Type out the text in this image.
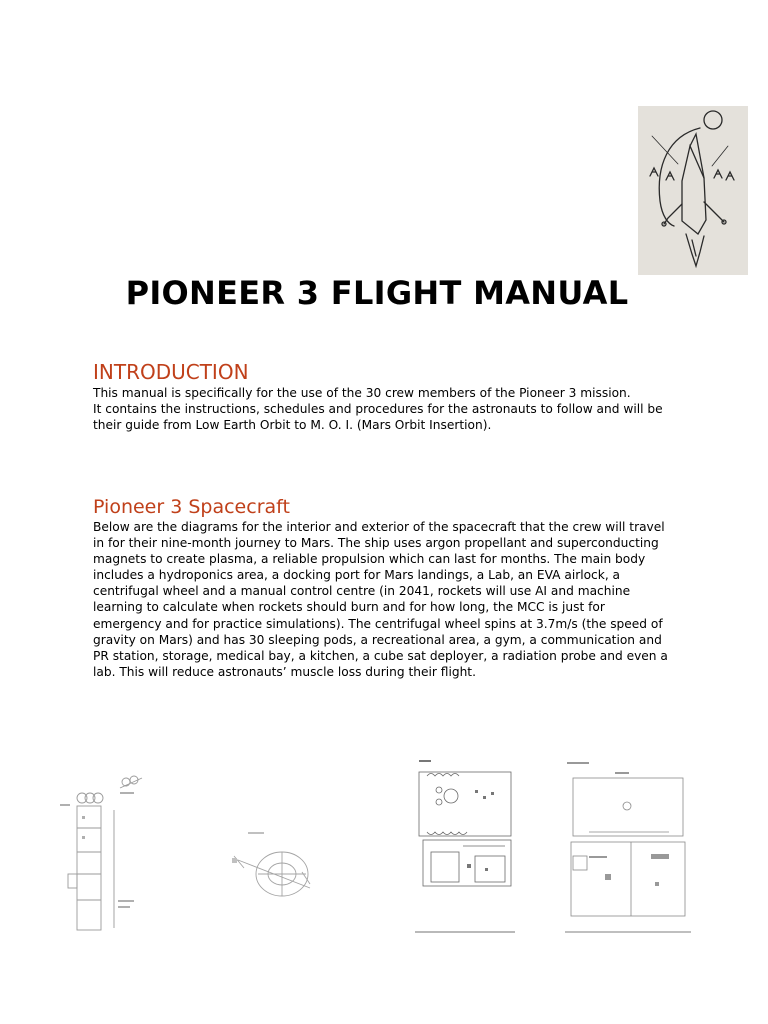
PIONEER 3 FLIGHT MANUAL
INTRODUCTION

This manual is specifically for the use of the 30 crew members of the Pioneer 3 mission.
It contains the instructions, schedules and procedures for the astronauts to follow and will be their guide from Low Earth Orbit to M. O. I. (Mars Orbit Insertion).

Pioneer 3 Spacecraft

Below are the diagrams for the interior and exterior of the spacecraft that the crew will travel in for their nine-month journey to Mars. The ship uses argon propellant and superconducting magnets to create plasma, a reliable propulsion which can last for months. The main body includes a hydroponics area, a docking port for Mars landings, a Lab, an EVA airlock, a centrifugal wheel and a manual control centre (in 2041, rockets will use AI and machine learning to calculate when rockets should burn and for how long, the MCC is just for emergency and for practice simulations). The centrifugal wheel spins at 3.7m/s (the speed of gravity on Mars) and has 30 sleeping pods, a recreational area, a gym, a communication and PR station, storage, medical bay, a kitchen, a cube sat deployer, a radiation probe and even a lab. This will reduce astronauts’ muscle loss during their flight.
